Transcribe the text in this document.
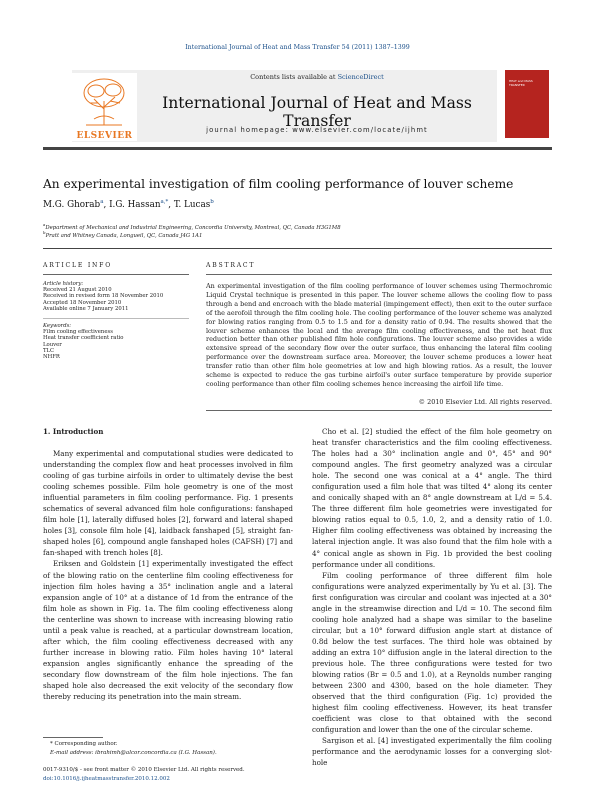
International Journal of Heat and Mass Transfer 54 (2011) 1387–1399
ELSEVIER
Contents lists available at ScienceDirect
International Journal of Heat and Mass Transfer
journal homepage: www.elsevier.com/locate/ijhmt
HEAT and MASS TRANSFER
An experimental investigation of film cooling performance of louver scheme
M.G. Ghorab$^a$, I.G. Hassan$^{a,*}$, T. Lucas$^b$
$^a$Department of Mechanical and Industrial Engineering, Concordia University, Montreal, QC, Canada H3G1M8
$^b$Pratt and Whitney Canada, Longueil, QC, Canada J4G 1A1
ARTICLE INFO	ABSTRACT
Article history:
Received 21 August 2010
Received in revised form 18 November 2010
Accepted 18 November 2010
Available online 7 January 2011
Keywords:
Film cooling effectiveness
Heat transfer coefficient ratio
Louver
TLC
NHFR
An experimental investigation of the film cooling performance of louver schemes using Thermochromic Liquid Crystal technique is presented in this paper. The louver scheme allows the cooling flow to pass through a bend and encroach with the blade material (impingement effect), then exit to the outer surface of the aerofoil through the film cooling hole. The cooling performance of the louver scheme was analyzed for blowing ratios ranging from 0.5 to 1.5 and for a density ratio of 0.94. The results showed that the louver scheme enhances the local and the average film cooling effectiveness, and the net heat flux reduction better than other published film hole configurations. The louver scheme also provides a wide extensive spread of the secondary flow over the outer surface, thus enhancing the lateral film cooling performance over the downstream surface area. Moreover, the louver scheme produces a lower heat transfer ratio than other film hole geometries at low and high blowing ratios. As a result, the louver scheme is expected to reduce the gas turbine airfoil's outer surface temperature by provide superior cooling performance than other film cooling schemes hence increasing the airfoil life time.
© 2010 Elsevier Ltd. All rights reserved.
1. Introduction

Many experimental and computational studies were dedicated to understanding the complex flow and heat processes involved in film cooling of gas turbine airfoils in order to ultimately devise the best cooling schemes possible. Film hole geometry is one of the most influential parameters in film cooling performance. Fig. 1 presents schematics of several advanced film hole configurations: fanshaped film hole [1], laterally diffused holes [2], forward and lateral shaped holes [3], console film hole [4], laidback fanshaped [5], straight fan-shaped holes [6], compound angle fanshaped holes (CAFSH) [7] and fan-shaped with trench holes [8].

Eriksen and Goldstein [1] experimentally investigated the effect of the blowing ratio on the centerline film cooling effectiveness for injection film holes having a 35° inclination angle and a lateral expansion angle of 10° at a distance of 1d from the entrance of the film hole as shown in Fig. 1a. The film cooling effectiveness along the centerline was shown to increase with increasing blowing ratio until a peak value is reached, at a particular downstream location, after which, the film cooling effectiveness decreased with any further increase in blowing ratio. Film holes having 10° lateral expansion angles significantly enhance the spreading of the secondary flow downstream of the film hole injections. The fan shaped hole also decreased the exit velocity of the secondary flow thereby reducing its penetration into the main stream.

Cho et al. [2] studied the effect of the film hole geometry on heat transfer characteristics and the film cooling effectiveness. The holes had a 30° inclination angle and 0°, 45° and 90° compound angles. The first geometry analyzed was a circular hole. The second one was conical at a 4° angle. The third configuration used a film hole that was tilted 4° along its center and conically shaped with an 8° angle downstream at L/d = 5.4. The three different film hole geometries were investigated for blowing ratios equal to 0.5, 1.0, 2, and a density ratio of 1.0. Higher film cooling effectiveness was obtained by increasing the lateral injection angle. It was also found that the film hole with a 4° conical angle as shown in Fig. 1b provided the best cooling performance under all conditions.

Film cooling performance of three different film hole configurations were analyzed experimentally by Yu et al. [3]. The first configuration was circular and coolant was injected at a 30° angle in the streamwise direction and L/d = 10. The second film cooling hole analyzed had a shape was similar to the baseline circular, but a 10° forward diffusion angle start at distance of 0.8d below the test surfaces. The third hole was obtained by adding an extra 10° diffusion angle in the lateral direction to the previous hole. The three configurations were tested for two blowing ratios (Br = 0.5 and 1.0), at a Reynolds number ranging between 2300 and 4300, based on the hole diameter. They observed that the third configuration (Fig. 1c) provided the highest film cooling effectiveness. However, its heat transfer coefficient was close to that obtained with the second configuration and lower than the one of the circular scheme.

Sargison et al. [4] investigated experimentally the film cooling performance and the aerodynamic losses for a converging slot-hole

* Corresponding author.
E-mail address: ibrahimh@alcor.concordia.ca (I.G. Hassan).
0017-9310/$ - see front matter © 2010 Elsevier Ltd. All rights reserved.
doi:10.1016/j.ijheatmasstransfer.2010.12.002
